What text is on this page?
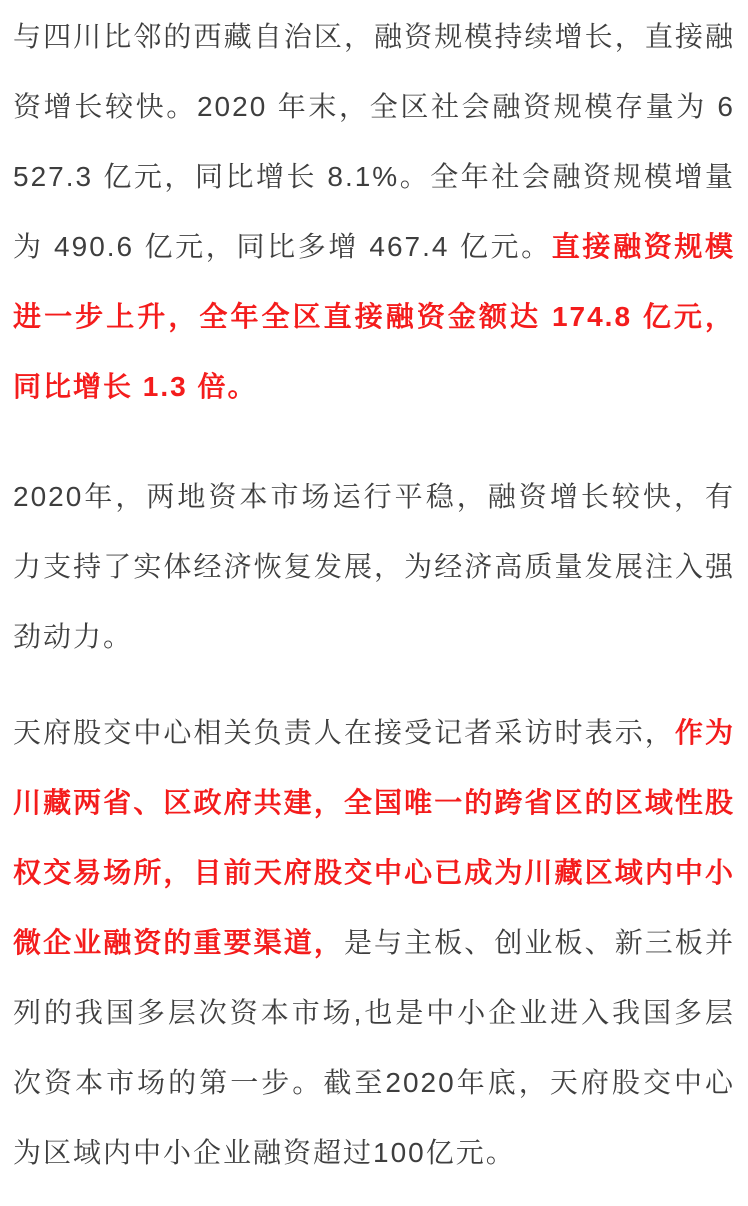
与四川比邻的西藏自治区，融资规模持续增长，直接融资增长较快。2020 年末，全区社会融资规模存量为 6527.3 亿元，同比增长 8.1%。全年社会融资规模增量为 490.6 亿元，同比多增 467.4 亿元。直接融资规模进一步上升，全年全区直接融资金额达 174.8 亿元，同比增长 1.3 倍。

2020年，两地资本市场运行平稳，融资增长较快，有力支持了实体经济恢复发展，为经济高质量发展注入强劲动力。

天府股交中心相关负责人在接受记者采访时表示，作为川藏两省、区政府共建，全国唯一的跨省区的区域性股权交易场所，目前天府股交中心已成为川藏区域内中小微企业融资的重要渠道，是与主板、创业板、新三板并列的我国多层次资本市场,也是中小企业进入我国多层次资本市场的第一步。截至2020年底，天府股交中心为区域内中小企业融资超过100亿元。
